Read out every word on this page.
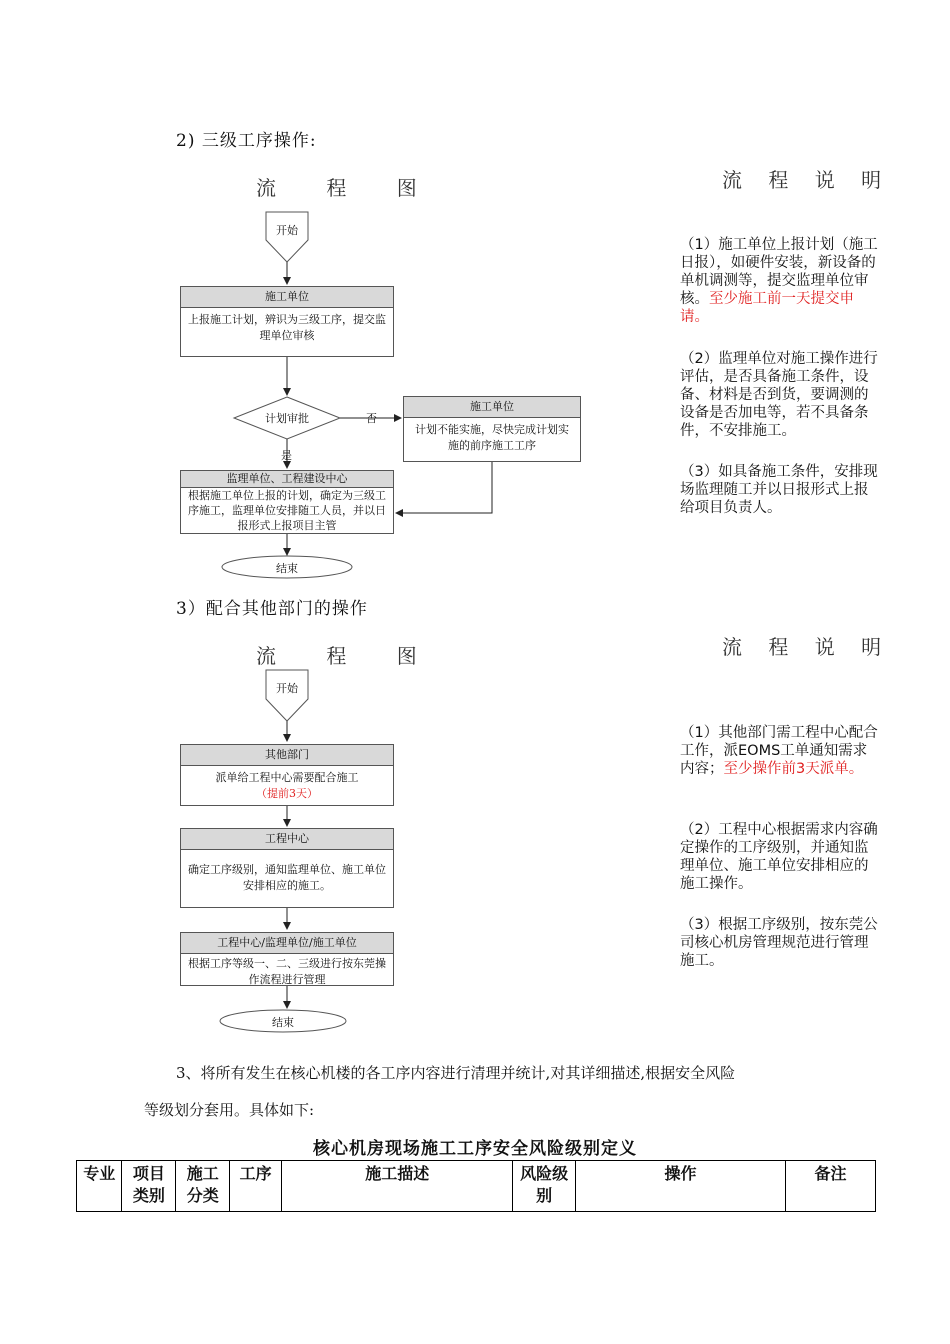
2) 三级工序操作:
流 程 图	流 程 说 明
开始
施工单位
上报施工计划，辨识为三级工序，提交监理单位审核
计划审批	否
是
施工单位
计划不能实施，尽快完成计划实施的前序施工工序
监理单位、工程建设中心
根据施工单位上报的计划，确定为三级工序施工，监理单位安排随工人员，并以日报形式上报项目主管
结束
（1）施工单位上报计划（施工日报），如硬件安装，新设备的单机调测等，提交监理单位审核。至少施工前一天提交申请。
（2）监理单位对施工操作进行评估，是否具备施工条件，设备、材料是否到货，要调测的设备是否加电等，若不具备条件，不安排施工。
（3）如具备施工条件，安排现场监理随工并以日报形式上报给项目负责人。
3）配合其他部门的操作
流 程 图	流 程 说 明
开始
其他部门
派单给工程中心需要配合施工（提前3天）
工程中心
确定工序级别，通知监理单位、施工单位安排相应的施工。
工程中心/监理单位/施工单位
根据工序等级一、二、三级进行按东莞操作流程进行管理
结束
（1）其他部门需工程中心配合工作，派EOMS工单通知需求内容；至少操作前3天派单。
（2）工程中心根据需求内容确定操作的工序级别，并通知监理单位、施工单位安排相应的施工操作。
（3）根据工序级别，按东莞公司核心机房管理规范进行管理施工。
3、将所有发生在核心机楼的各工序内容进行清理并统计,对其详细描述,根据安全风险
等级划分套用。具体如下:
核心机房现场施工工序安全风险级别定义
专业	项目类别	施工分类	工序	施工描述	风险级别	操作	备注
